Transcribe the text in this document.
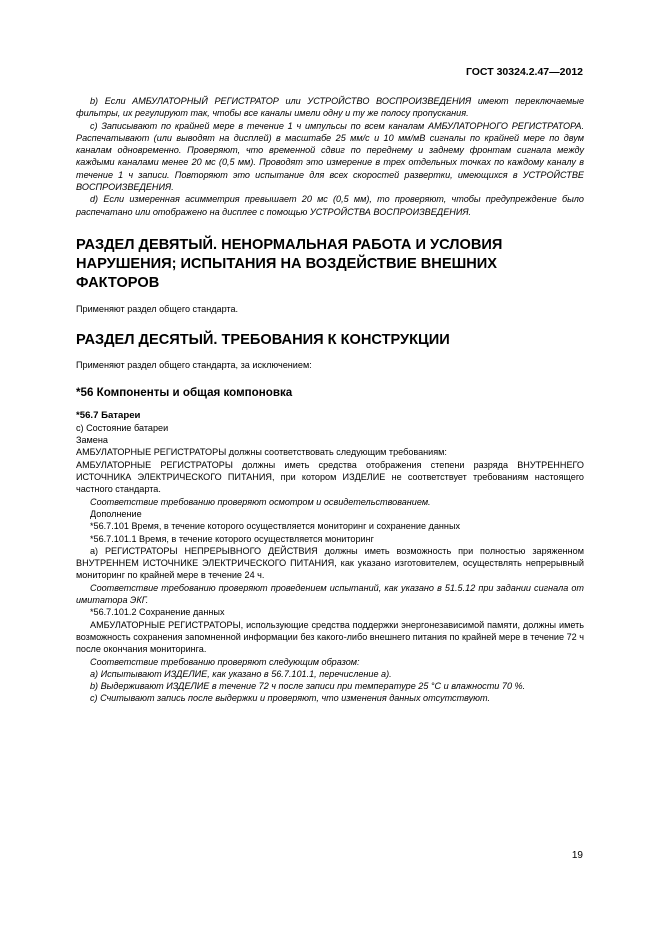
ГОСТ 30324.2.47—2012

b) Если АМБУЛАТОРНЫЙ РЕГИСТРАТОР или УСТРОЙСТВО ВОСПРОИЗВЕДЕНИЯ имеют переключаемые фильтры, их регулируют так, чтобы все каналы имели одну и ту же полосу пропускания.

c) Записывают по крайней мере в течение 1 ч импульсы по всем каналам АМБУЛАТОРНОГО РЕГИСТРАТОРА. Распечатывают (или выводят на дисплей) в масштабе 25 мм/с и 10 мм/мВ сигналы по крайней мере по двум каналам одновременно. Проверяют, что временной сдвиг по переднему и заднему фронтам сигнала между каждыми каналами менее 20 мс (0,5 мм). Проводят это измерение в трех отдельных точках по каждому каналу в течение 1 ч записи. Повторяют это испытание для всех скоростей развертки, имеющихся в УСТРОЙСТВЕ ВОСПРОИЗВЕДЕНИЯ.

d) Если измеренная асимметрия превышает 20 мс (0,5 мм), то проверяют, чтобы предупреждение было распечатано или отображено на дисплее с помощью УСТРОЙСТВА ВОСПРОИЗВЕДЕНИЯ.

РАЗДЕЛ ДЕВЯТЫЙ. НЕНОРМАЛЬНАЯ РАБОТА И УСЛОВИЯ НАРУШЕНИЯ; ИСПЫТАНИЯ НА ВОЗДЕЙСТВИЕ ВНЕШНИХ ФАКТОРОВ

Применяют раздел общего стандарта.

РАЗДЕЛ ДЕСЯТЫЙ. ТРЕБОВАНИЯ К КОНСТРУКЦИИ

Применяют раздел общего стандарта, за исключением:

*56 Компоненты и общая компоновка

*56.7 Батареи

с) Состояние батареи

Замена

АМБУЛАТОРНЫЕ РЕГИСТРАТОРЫ должны соответствовать следующим требованиям:

АМБУЛАТОРНЫЕ РЕГИСТРАТОРЫ должны иметь средства отображения степени разряда ВНУТРЕННЕГО ИСТОЧНИКА ЭЛЕКТРИЧЕСКОГО ПИТАНИЯ, при котором ИЗДЕЛИЕ не соответствует требованиям настоящего частного стандарта.

Соответствие требованию проверяют осмотром и освидетельствованием.

Дополнение

*56.7.101 Время, в течение которого осуществляется мониторинг и сохранение данных

*56.7.101.1 Время, в течение которого осуществляется мониторинг

a) РЕГИСТРАТОРЫ НЕПРЕРЫВНОГО ДЕЙСТВИЯ должны иметь возможность при полностью заряженном ВНУТРЕННЕМ ИСТОЧНИКЕ ЭЛЕКТРИЧЕСКОГО ПИТАНИЯ, как указано изготовителем, осуществлять непрерывный мониторинг по крайней мере в течение 24 ч.

Соответствие требованию проверяют проведением испытаний, как указано в 51.5.12 при задании сигнала от имитатора ЭКГ.

*56.7.101.2 Сохранение данных

АМБУЛАТОРНЫЕ РЕГИСТРАТОРЫ, использующие средства поддержки энергонезависимой памяти, должны иметь возможность сохранения запомненной информации без какого-либо внешнего питания по крайней мере в течение 72 ч после окончания мониторинга.

Соответствие требованию проверяют следующим образом:

a) Испытывают ИЗДЕЛИЕ, как указано в 56.7.101.1, перечисление а).

b) Выдерживают ИЗДЕЛИЕ в течение 72 ч после записи при температуре 25 °С и влажности 70 %.

c) Считывают запись после выдержки и проверяют, что изменения данных отсутствуют.

19
